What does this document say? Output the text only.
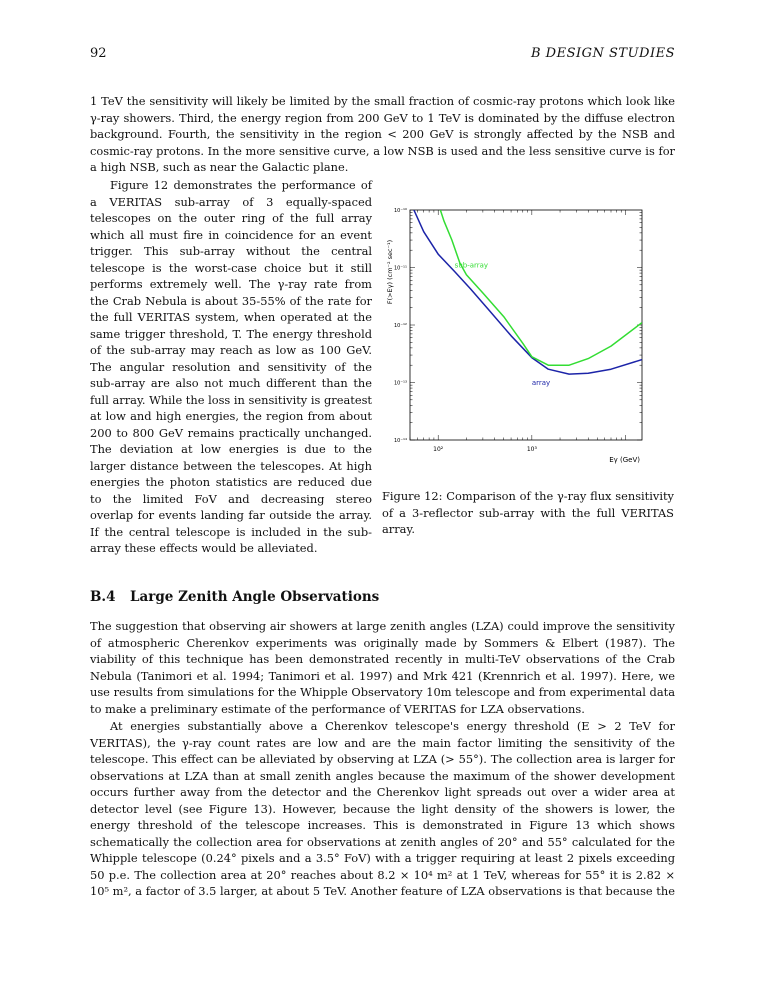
92	B DESIGN STUDIES

1 TeV the sensitivity will likely be limited by the small fraction of cosmic-ray protons which look like γ-ray showers. Third, the energy region from 200 GeV to 1 TeV is dominated by the diffuse electron background. Fourth, the sensitivity in the region < 200 GeV is strongly affected by the NSB and cosmic-ray protons. In the more sensitive curve, a low NSB is used and the less sensitive curve is for a high NSB, such as near the Galactic plane.

Figure 12 demonstrates the performance of a VERITAS sub-array of 3 equally-spaced telescopes on the outer ring of the full array which all must fire in coincidence for an event trigger. This sub-array without the central telescope is the worst-case choice but it still performs extremely well. The γ-ray rate from the Crab Nebula is about 35-55% of the rate for the full VERITAS system, when operated at the same trigger threshold, T. The energy threshold of the sub-array may reach as low as 100 GeV. The angular resolution and sensitivity of the sub-array are also not much different than the full array. While the loss in sensitivity is greatest at low and high energies, the region from about 200 to 800 GeV remains practically unchanged. The deviation at low energies is due to the larger distance between the telescopes. At high energies the photon statistics are reduced due to the limited FoV and decreasing stereo overlap for events landing far outside the array. If the central telescope is included in the sub-array these effects would be alleviated.

10²	10³
10⁻¹⁰
10⁻¹¹
10⁻¹²
10⁻¹³
10⁻¹⁴
F(>Eγ) (cm⁻² sec⁻¹)
Eγ (GeV)
sub-array
array

Figure 12: Comparison of the γ-ray flux sensitivity of a 3-reflector sub-array with the full VERITAS array.

B.4 Large Zenith Angle Observations

The suggestion that observing air showers at large zenith angles (LZA) could improve the sensitivity of atmospheric Cherenkov experiments was originally made by Sommers & Elbert (1987). The viability of this technique has been demonstrated recently in multi-TeV observations of the Crab Nebula (Tanimori et al. 1994; Tanimori et al. 1997) and Mrk 421 (Krennrich et al. 1997). Here, we use results from simulations for the Whipple Observatory 10m telescope and from experimental data to make a preliminary estimate of the performance of VERITAS for LZA observations.

At energies substantially above a Cherenkov telescope's energy threshold (E > 2 TeV for VERITAS), the γ-ray count rates are low and are the main factor limiting the sensitivity of the telescope. This effect can be alleviated by observing at LZA (> 55°). The collection area is larger for observations at LZA than at small zenith angles because the maximum of the shower development occurs further away from the detector and the Cherenkov light spreads out over a wider area at detector level (see Figure 13). However, because the light density of the showers is lower, the energy threshold of the telescope increases. This is demonstrated in Figure 13 which shows schematically the collection area for observations at zenith angles of 20° and 55° calculated for the Whipple telescope (0.24° pixels and a 3.5° FoV) with a trigger requiring at least 2 pixels exceeding 50 p.e. The collection area at 20° reaches about 8.2 × 10⁴ m² at 1 TeV, whereas for 55° it is 2.82 × 10⁵ m², a factor of 3.5 larger, at about 5 TeV. Another feature of LZA observations is that because the
